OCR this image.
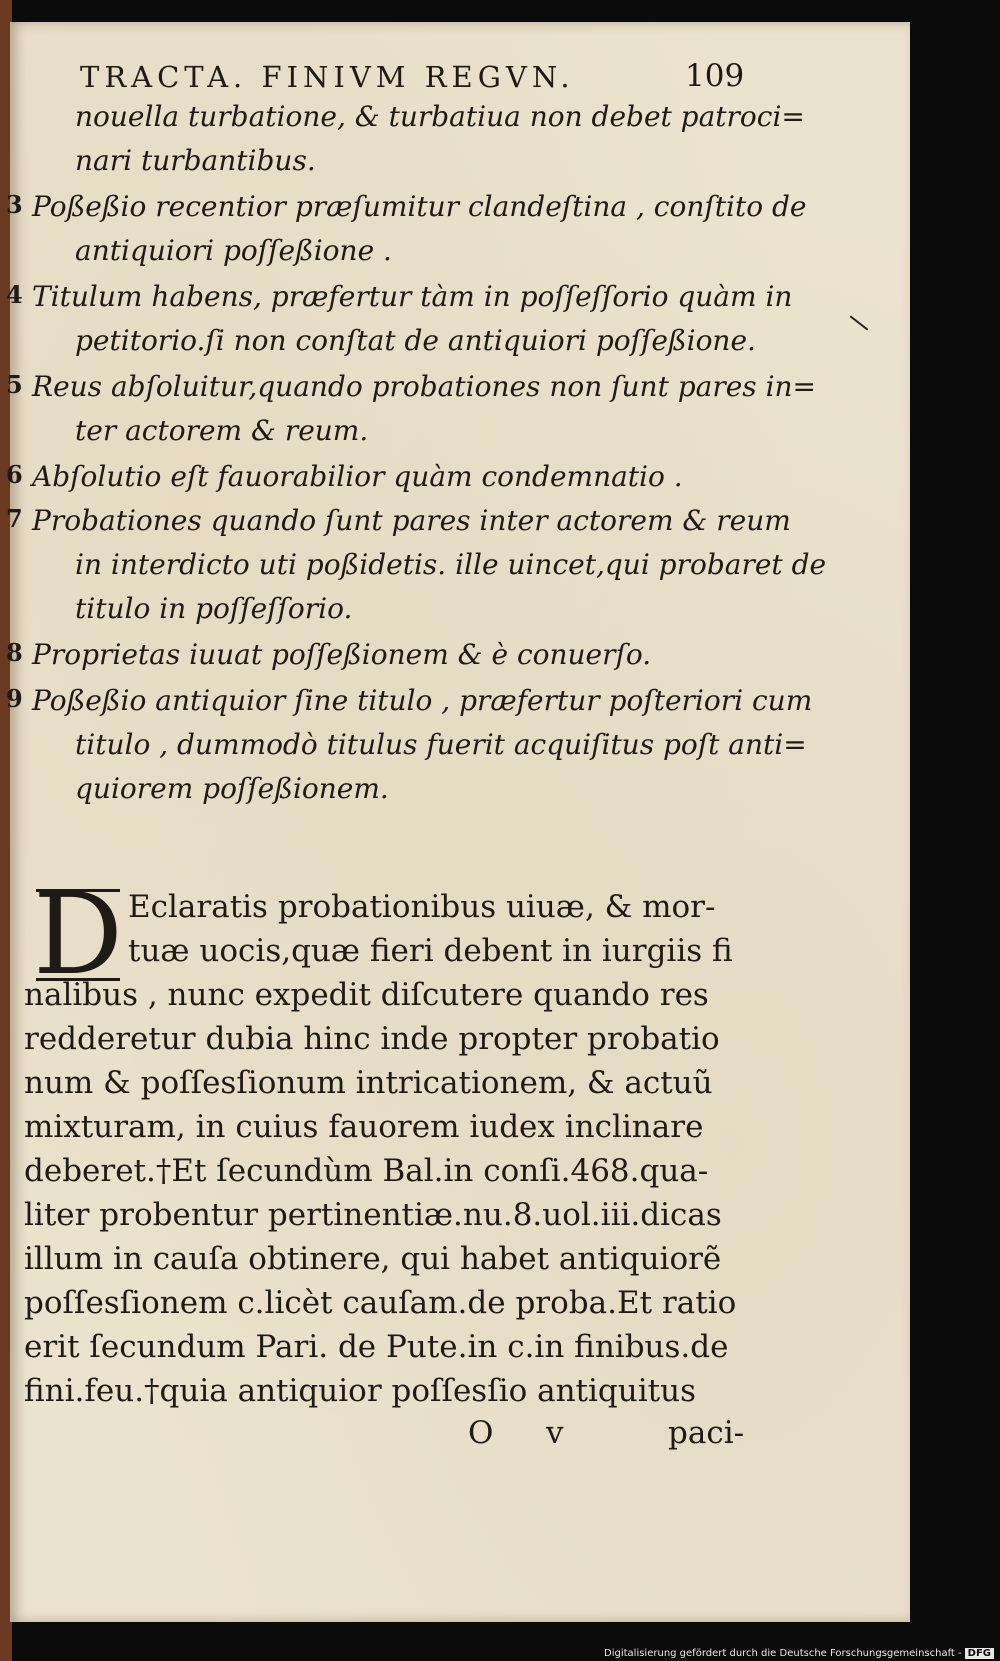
TRACTA. FINIVM REGVN.	109
nouella turbatione, & turbatiua non debet patroci=
nari turbantibus.
3 Poßeßio recentior præſumitur clandeſtina , conſtito de
antiquiori poſſeßione .
4 Titulum habens, præfertur tàm in poſſeſſorio quàm in
petitorio.ſi non conſtat de antiquiori poſſeßione.
5 Reus abſoluitur,quando probationes non ſunt pares in=
ter actorem & reum.
6 Abſolutio eſt fauorabilior quàm condemnatio .
7 Probationes quando ſunt pares inter actorem & reum
in interdicto uti poßidetis. ille uincet,qui probaret de
titulo in poſſeſſorio.
8 Proprietas iuuat poſſeßionem & è conuerſo.
9 Poßeßio antiquior ſine titulo , præfertur poſteriori cum
titulo , dummodò titulus fuerit acquiſitus poſt anti=
quiorem poſſeßionem.
D Eclaratis probationibus uiuæ, & mor-
tuæ uocis,quæ fieri debent in iurgiis fi
nalibus , nunc expedit diſcutere quando res
redderetur dubia hinc inde propter probatio
num & poſſesſionum intricationem, & actuũ
mixturam, in cuius fauorem iudex inclinare
deberet.†Et ſecundùm Bal.in conſi.468.qua-
liter probentur pertinentiæ.nu.8.uol.iii.dicas
illum in cauſa obtinere, qui habet antiquiorẽ
poſſesſionem c.licèt cauſam.de proba.Et ratio
erit ſecundum Pari. de Pute.in c.in finibus.de
fini.feu.†quia antiquior poſſesſio antiquitus
O v	paci-
Digitalisierung gefördert durch die Deutsche Forschungsgemeinschaft - DFG
